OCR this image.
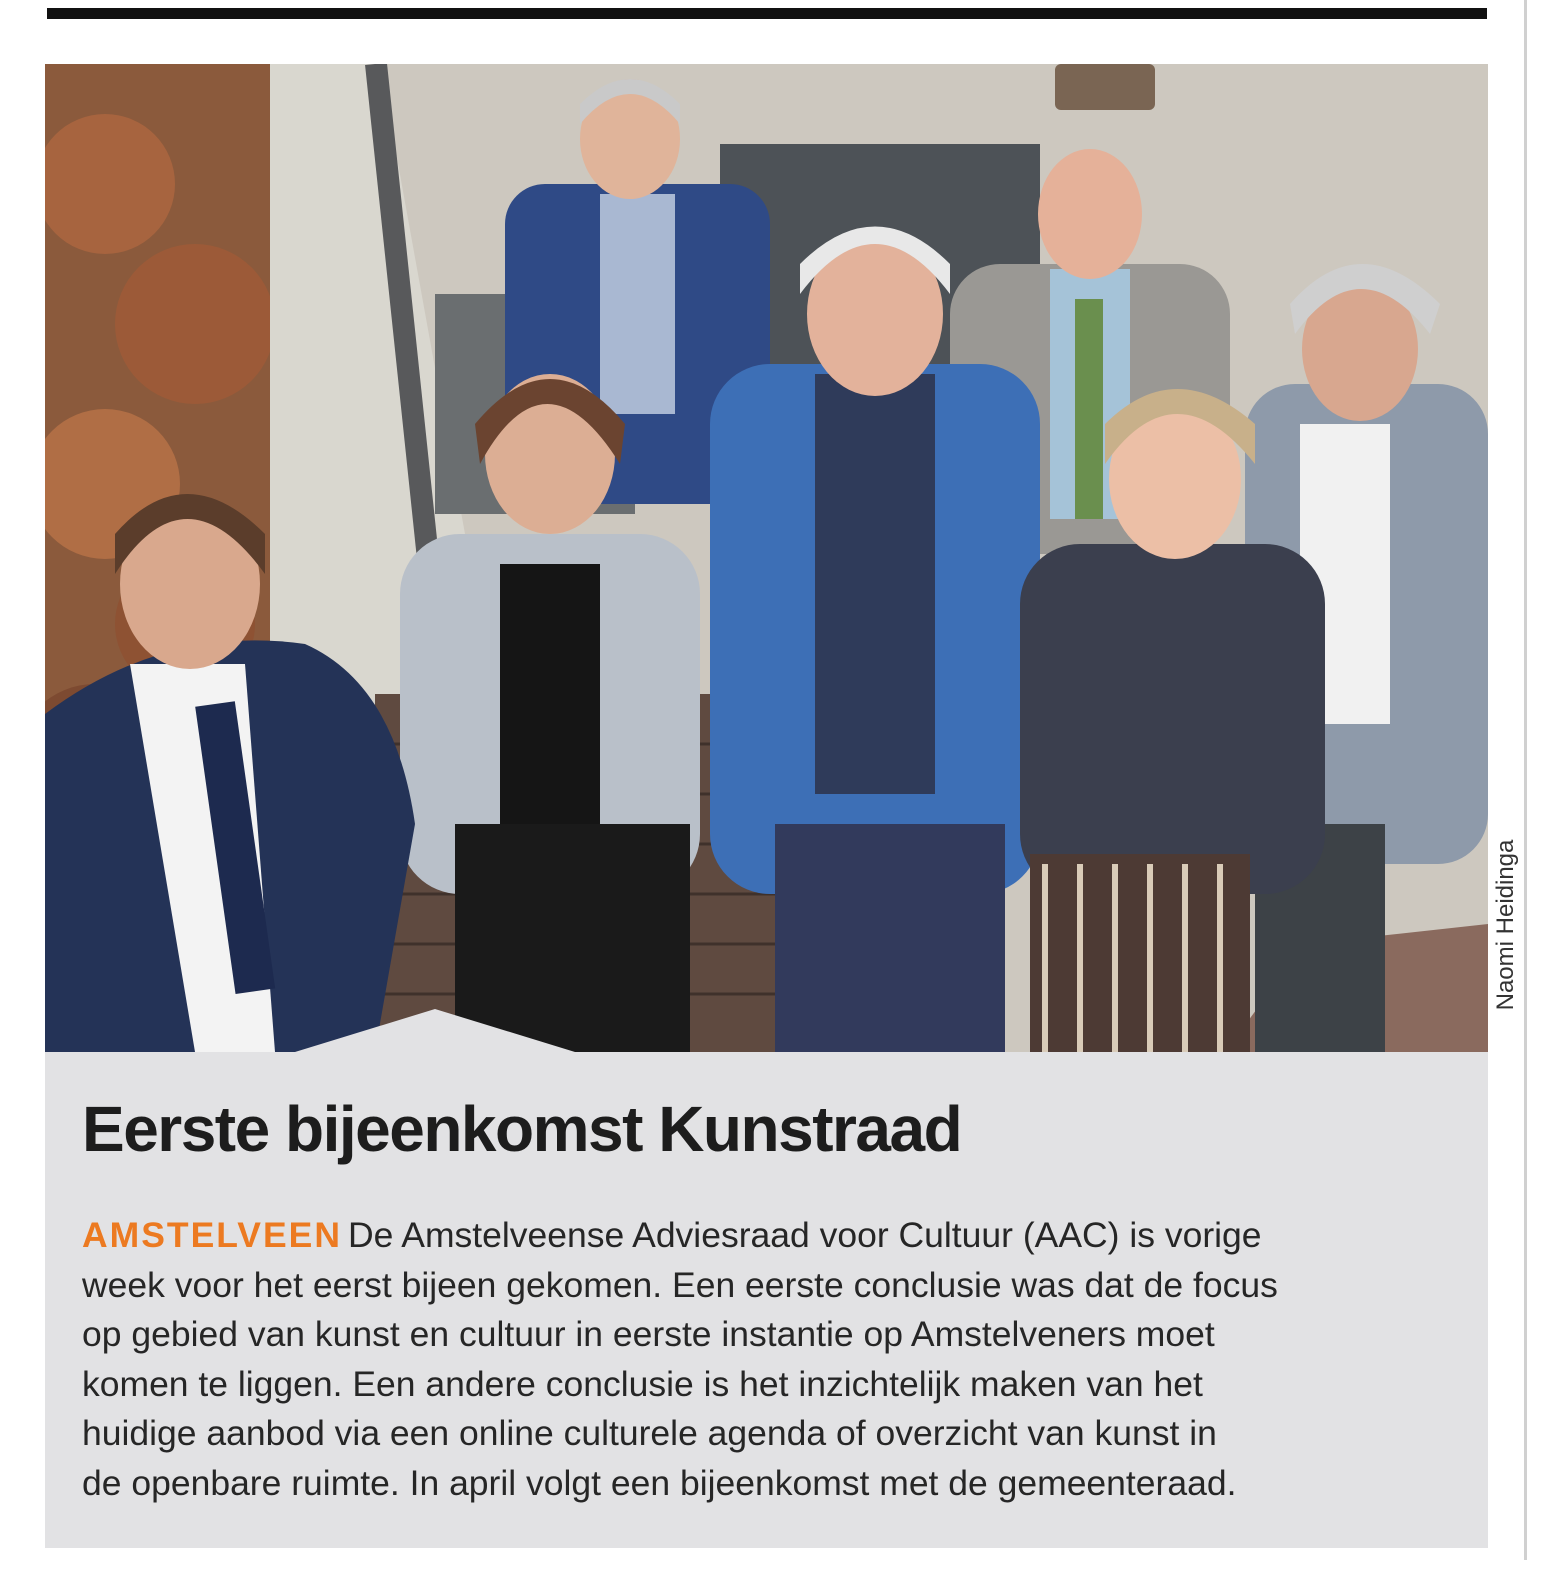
Naomi Heidinga
Eerste bijeenkomst Kunstraad

AMSTELVEEN De Amstelveense Adviesraad voor Cultuur (AAC) is vorige
week voor het eerst bijeen gekomen. Een eerste conclusie was dat de focus
op gebied van kunst en cultuur in eerste instantie op Amstelveners moet
komen te liggen. Een andere conclusie is het inzichtelijk maken van het
huidige aanbod via een online culturele agenda of overzicht van kunst in
de openbare ruimte. In april volgt een bijeenkomst met de gemeenteraad.
